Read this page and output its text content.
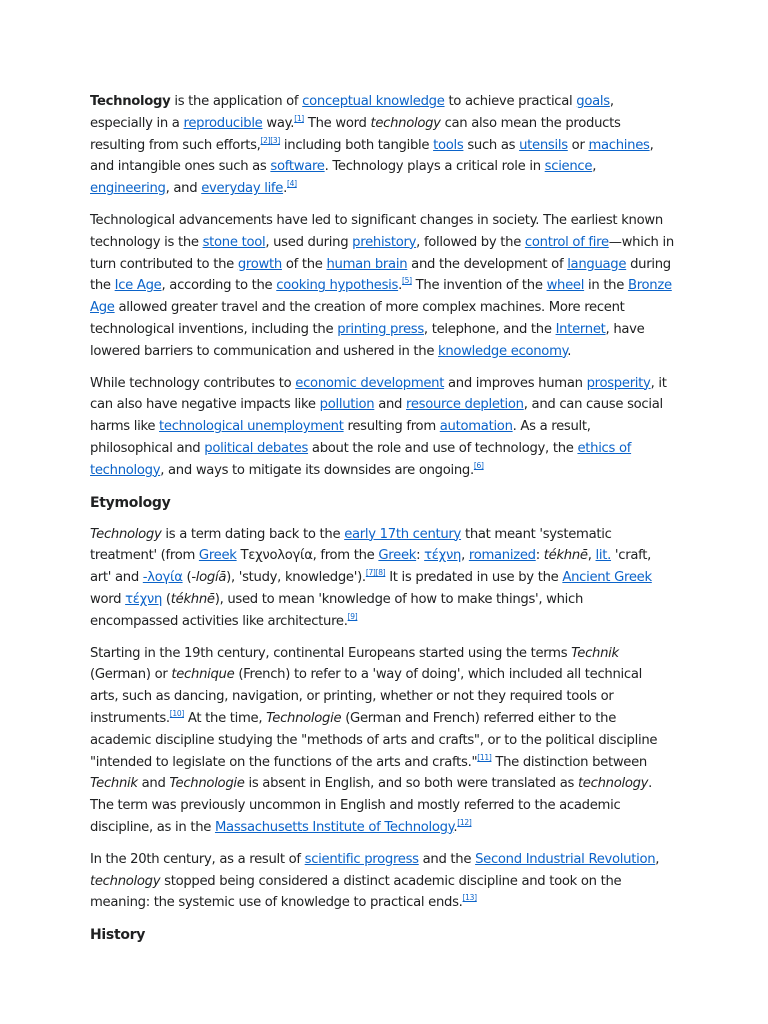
Technology is the application of conceptual knowledge to achieve practical goals, especially in a reproducible way.[1] The word technology can also mean the products resulting from such efforts,[2][3] including both tangible tools such as utensils or machines, and intangible ones such as software. Technology plays a critical role in science, engineering, and everyday life.[4]

Technological advancements have led to significant changes in society. The earliest known technology is the stone tool, used during prehistory, followed by the control of fire—which in turn contributed to the growth of the human brain and the development of language during the Ice Age, according to the cooking hypothesis.[5] The invention of the wheel in the Bronze Age allowed greater travel and the creation of more complex machines. More recent technological inventions, including the printing press, telephone, and the Internet, have lowered barriers to communication and ushered in the knowledge economy.

While technology contributes to economic development and improves human prosperity, it can also have negative impacts like pollution and resource depletion, and can cause social harms like technological unemployment resulting from automation. As a result, philosophical and political debates about the role and use of technology, the ethics of technology, and ways to mitigate its downsides are ongoing.[6]

Etymology

Technology is a term dating back to the early 17th century that meant 'systematic treatment' (from Greek Τεχνολογία, from the Greek: τέχνη, romanized: tékhnē, lit. 'craft, art' and -λογία (-logíā), 'study, knowledge').[7][8] It is predated in use by the Ancient Greek word τέχνη (tékhnē), used to mean 'knowledge of how to make things', which encompassed activities like architecture.[9]

Starting in the 19th century, continental Europeans started using the terms Technik (German) or technique (French) to refer to a 'way of doing', which included all technical arts, such as dancing, navigation, or printing, whether or not they required tools or instruments.[10] At the time, Technologie (German and French) referred either to the academic discipline studying the "methods of arts and crafts", or to the political discipline "intended to legislate on the functions of the arts and crafts."[11] The distinction between Technik and Technologie is absent in English, and so both were translated as technology. The term was previously uncommon in English and mostly referred to the academic discipline, as in the Massachusetts Institute of Technology.[12]

In the 20th century, as a result of scientific progress and the Second Industrial Revolution, technology stopped being considered a distinct academic discipline and took on the meaning: the systemic use of knowledge to practical ends.[13]

History
